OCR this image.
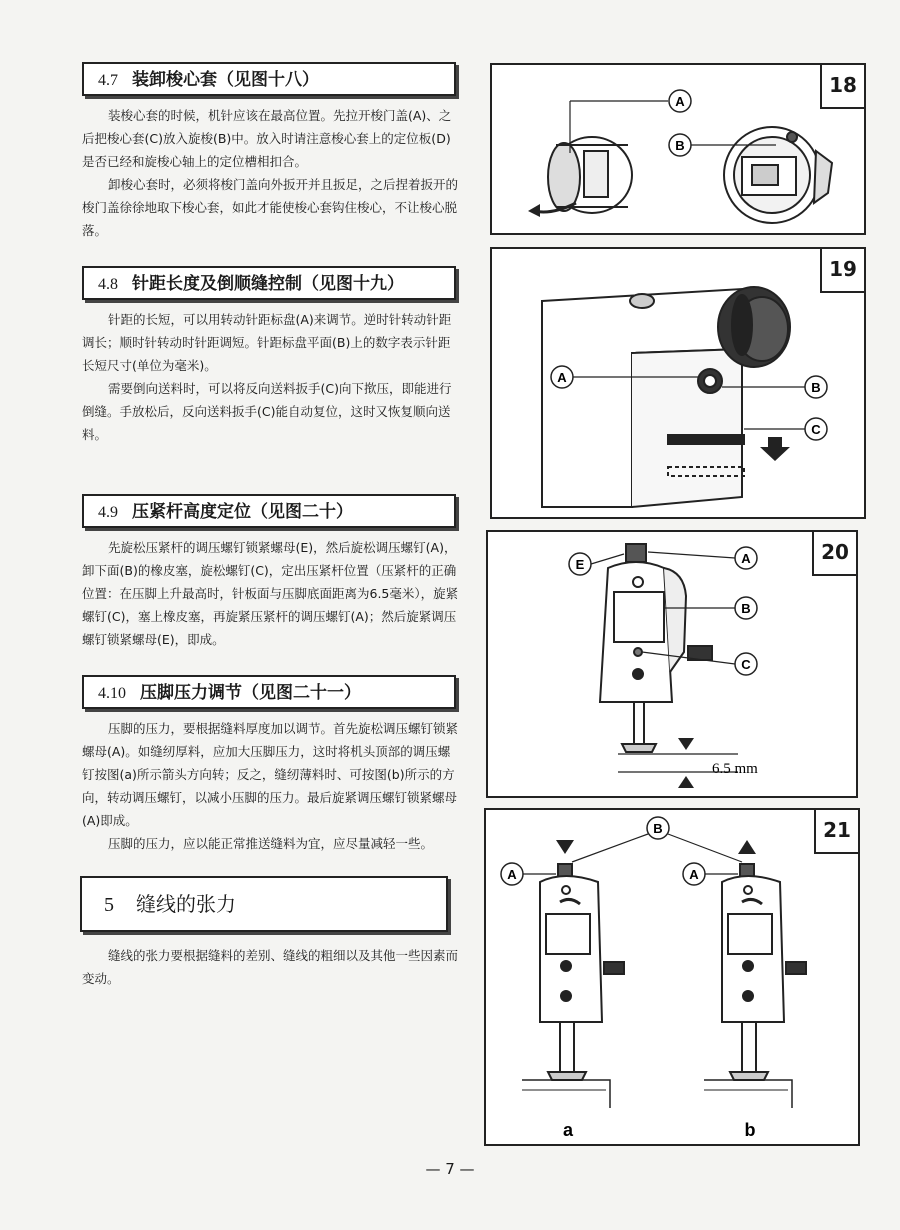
4.7 装卸梭心套（见图十八）

装梭心套的时候，机针应该在最高位置。先拉开梭门盖(A)、之后把梭心套(C)放入旋梭(B)中。放入时请注意梭心套上的定位板(D)是否已经和旋梭心轴上的定位槽相扣合。

卸梭心套时，必须将梭门盖向外扳开并且扳足，之后捏着扳开的梭门盖徐徐地取下梭心套，如此才能使梭心套钩住梭心，不让梭心脱落。

4.8 针距长度及倒顺缝控制（见图十九）

针距的长短，可以用转动针距标盘(A)来调节。逆时针转动针距调长；顺时针转动时针距调短。针距标盘平面(B)上的数字表示针距长短尺寸(单位为毫米)。

需要倒向送料时，可以将反向送料扳手(C)向下揿压，即能进行倒缝。手放松后，反向送料扳手(C)能自动复位，这时又恢复顺向送料。

4.9 压紧杆高度定位（见图二十）

先旋松压紧杆的调压螺钉锁紧螺母(E)，然后旋松调压螺钉(A)，卸下面(B)的橡皮塞，旋松螺钉(C)，定出压紧杆位置（压紧杆的正确位置：在压脚上升最高时，针板面与压脚底面距离为6.5毫米），旋紧螺钉(C)，塞上橡皮塞，再旋紧压紧杆的调压螺钉(A)；然后旋紧调压螺钉锁紧螺母(E)，即成。

4.10 压脚压力调节（见图二十一）

压脚的压力，要根据缝料厚度加以调节。首先旋松调压螺钉锁紧螺母(A)。如缝纫厚料，应加大压脚压力，这时将机头顶部的调压螺钉按图(a)所示箭头方向转；反之，缝纫薄料时、可按图(b)所示的方向，转动调压螺钉，以减小压脚的压力。最后旋紧调压螺钉锁紧螺母(A)即成。

压脚的压力，应以能正常推送缝料为宜，应尽量减轻一些。

5 缝线的张力

缝线的张力要根据缝料的差别、缝线的粗细以及其他一些因素而变动。

18
A
B
19
A
B
C
20
6.5 mm
E	A
B
C
21
A
B
A
a	b
— 7 —
